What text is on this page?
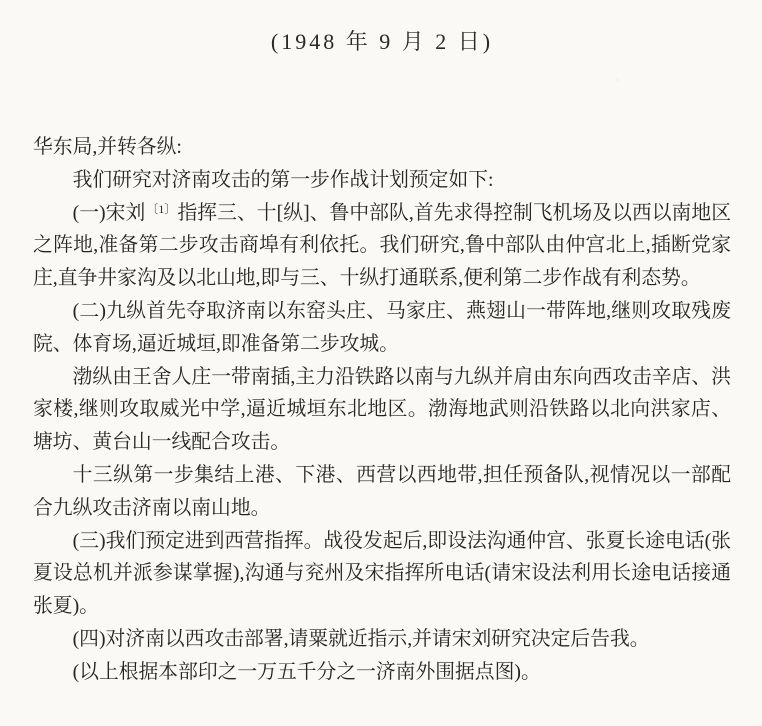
(1948 年 9 月 2 日)

华东局,并转各纵:

我们研究对济南攻击的第一步作战计划预定如下:

(一)宋刘$^{〔1〕}$指挥三、十[纵]、鲁中部队,首先求得控制飞机场及以西以南地区之阵地,准备第二步攻击商埠有利依托。我们研究,鲁中部队由仲宫北上,插断党家庄,直争井家沟及以北山地,即与三、十纵打通联系,便利第二步作战有利态势。

(二)九纵首先夺取济南以东窑头庄、马家庄、燕翅山一带阵地,继则攻取残废院、体育场,逼近城垣,即准备第二步攻城。

渤纵由王舍人庄一带南插,主力沿铁路以南与九纵并肩由东向西攻击辛店、洪家楼,继则攻取威光中学,逼近城垣东北地区。渤海地武则沿铁路以北向洪家店、塘坊、黄台山一线配合攻击。

十三纵第一步集结上港、下港、西营以西地带,担任预备队,视情况以一部配合九纵攻击济南以南山地。

(三)我们预定进到西营指挥。战役发起后,即设法沟通仲宫、张夏长途电话(张夏设总机并派参谋掌握),沟通与兖州及宋指挥所电话(请宋设法利用长途电话接通张夏)。

(四)对济南以西攻击部署,请粟就近指示,并请宋刘研究决定后告我。

(以上根据本部印之一万五千分之一济南外围据点图)。
